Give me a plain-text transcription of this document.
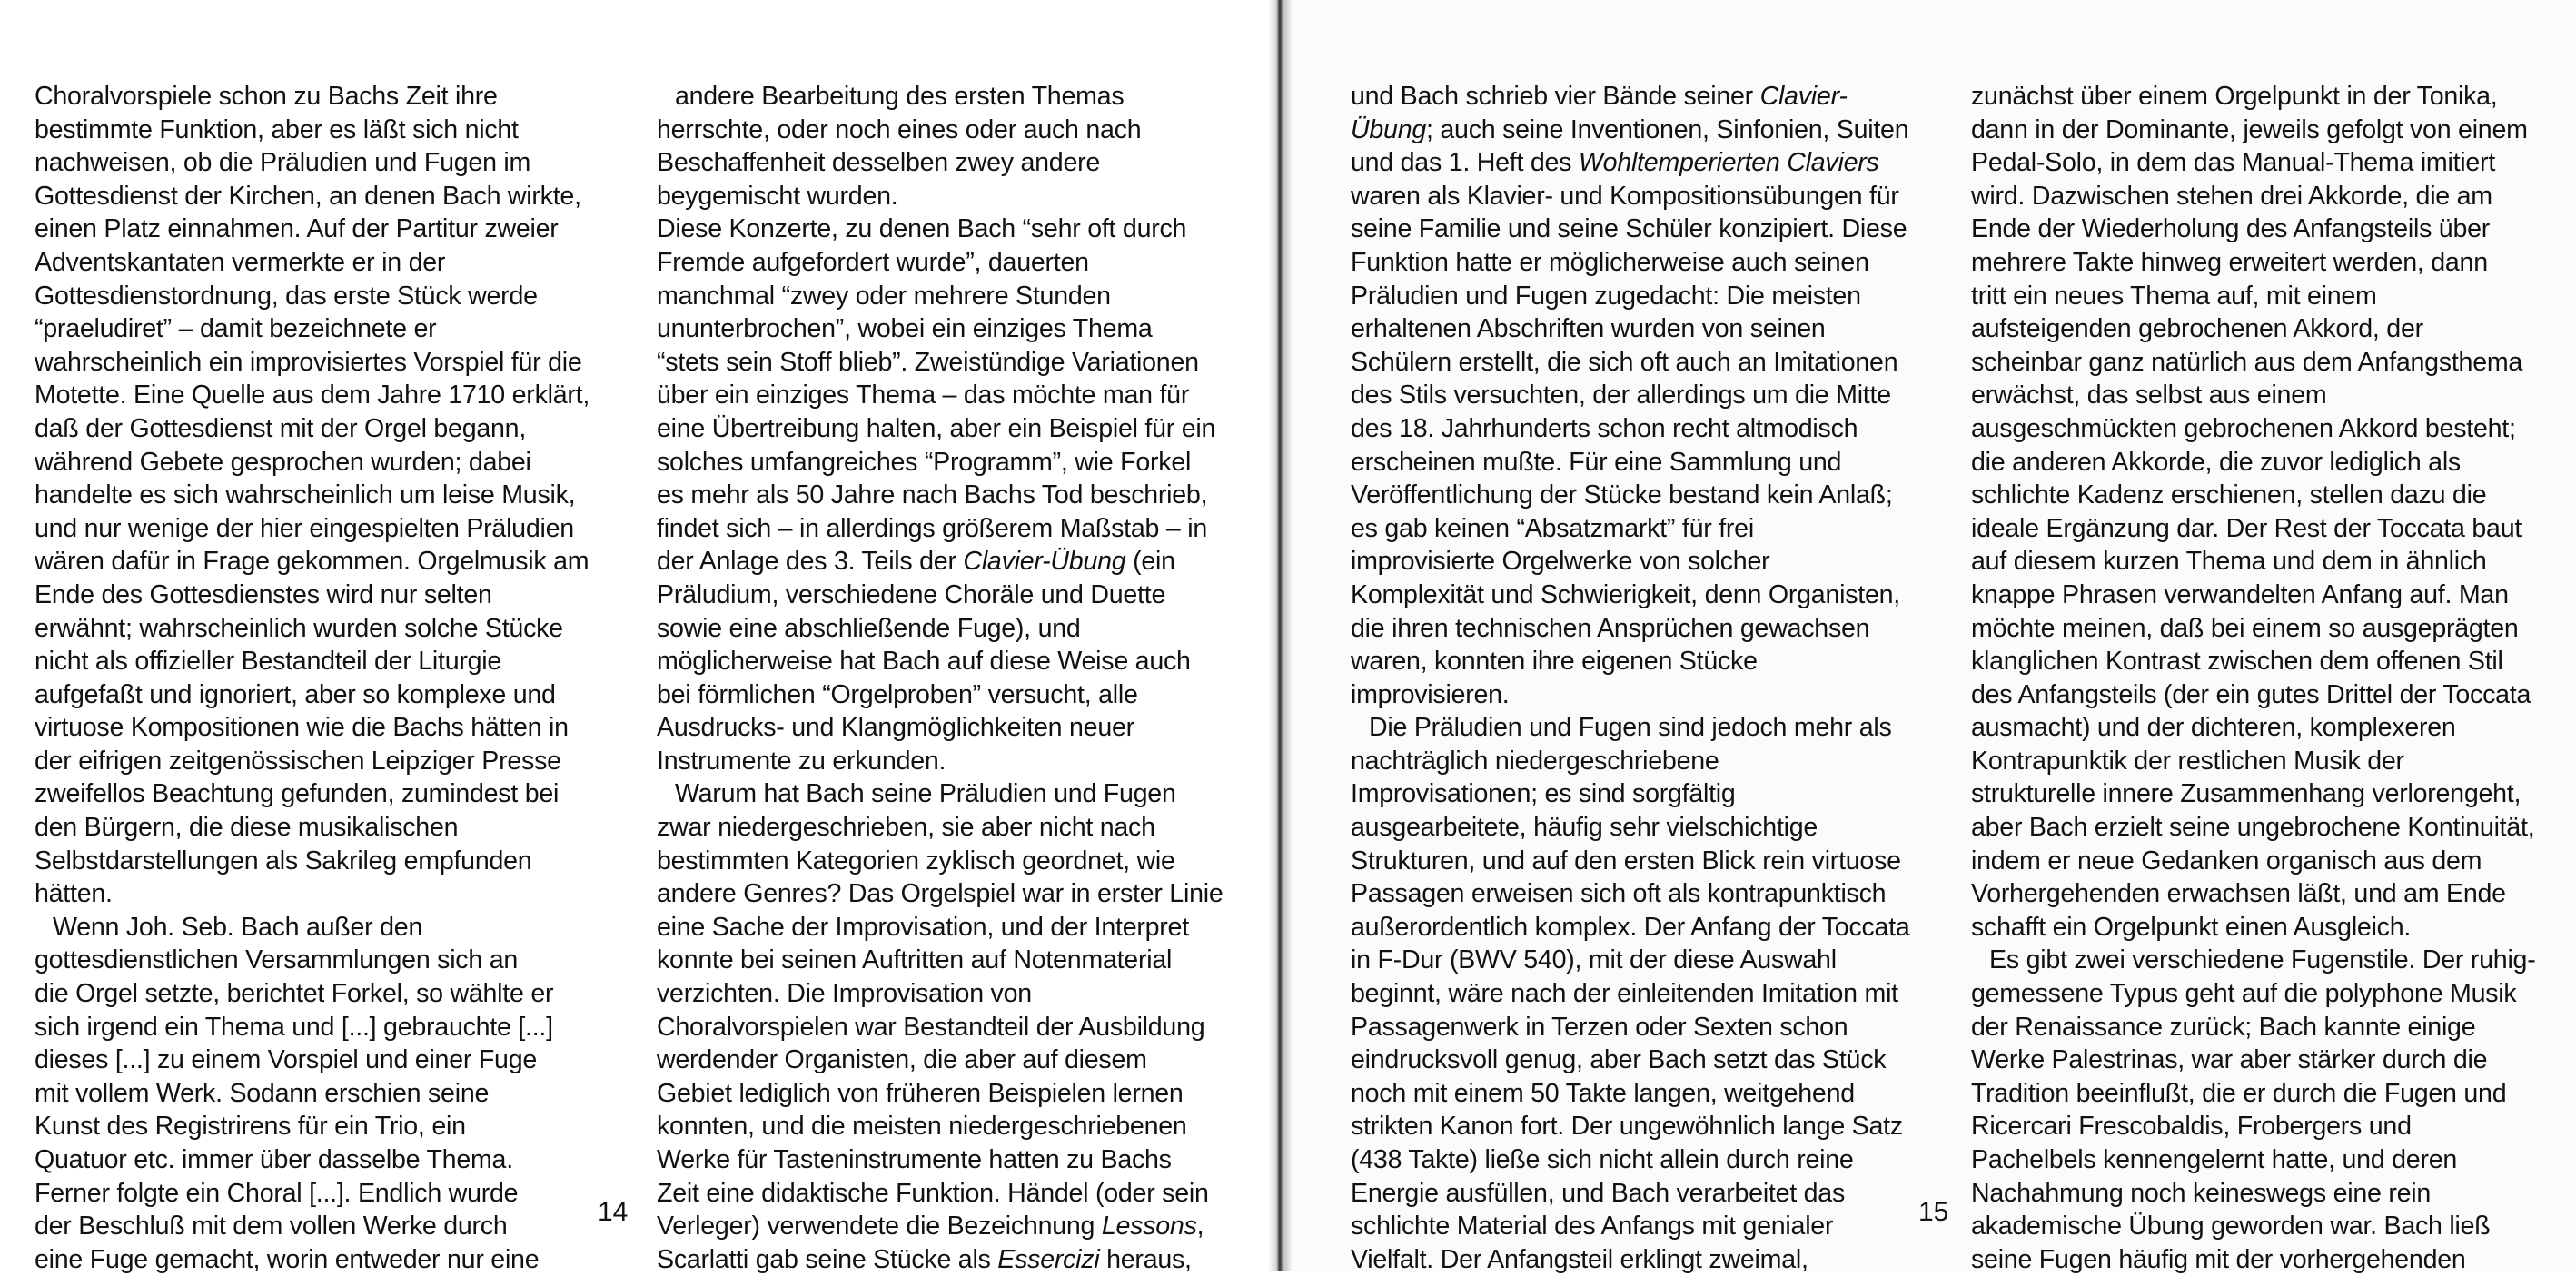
Choralvorspiele schon zu Bachs Zeit ihre
bestimmte Funktion, aber es läßt sich nicht
nachweisen, ob die Präludien und Fugen im
Gottesdienst der Kirchen, an denen Bach wirkte,
einen Platz einnahmen. Auf der Partitur zweier
Adventskantaten vermerkte er in der
Gottesdienstordnung, das erste Stück werde
“praeludiret” – damit bezeichnete er
wahrscheinlich ein improvisiertes Vorspiel für die
Motette. Eine Quelle aus dem Jahre 1710 erklärt,
daß der Gottesdienst mit der Orgel begann,
während Gebete gesprochen wurden; dabei
handelte es sich wahrscheinlich um leise Musik,
und nur wenige der hier eingespielten Präludien
wären dafür in Frage gekommen. Orgelmusik am
Ende des Gottesdienstes wird nur selten
erwähnt; wahrscheinlich wurden solche Stücke
nicht als offizieller Bestandteil der Liturgie
aufgefaßt und ignoriert, aber so komplexe und
virtuose Kompositionen wie die Bachs hätten in
der eifrigen zeitgenössischen Leipziger Presse
zweifellos Beachtung gefunden, zumindest bei
den Bürgern, die diese musikalischen
Selbstdarstellungen als Sakrileg empfunden
hätten.

Wenn Joh. Seb. Bach außer den
gottesdienstlichen Versammlungen sich an
die Orgel setzte, berichtet Forkel, so wählte er
sich irgend ein Thema und [...] gebrauchte [...]
dieses [...] zu einem Vorspiel und einer Fuge
mit vollem Werk. Sodann erschien seine
Kunst des Registrirens für ein Trio, ein
Quatuor etc. immer über dasselbe Thema.
Ferner folgte ein Choral [...]. Endlich wurde
der Beschluß mit dem vollen Werke durch
eine Fuge gemacht, worin entweder nur eine

andere Bearbeitung des ersten Themas
herrschte, oder noch eines oder auch nach
Beschaffenheit desselben zwey andere
beygemischt wurden.

Diese Konzerte, zu denen Bach “sehr oft durch
Fremde aufgefordert wurde”, dauerten
manchmal “zwey oder mehrere Stunden
ununterbrochen”, wobei ein einziges Thema
“stets sein Stoff blieb”. Zweistündige Variationen
über ein einziges Thema – das möchte man für
eine Übertreibung halten, aber ein Beispiel für ein
solches umfangreiches “Programm”, wie Forkel
es mehr als 50 Jahre nach Bachs Tod beschrieb,
findet sich – in allerdings größerem Maßstab – in
der Anlage des 3. Teils der Clavier-Übung (ein
Präludium, verschiedene Choräle und Duette
sowie eine abschließende Fuge), und
möglicherweise hat Bach auf diese Weise auch
bei förmlichen “Orgelproben” versucht, alle
Ausdrucks- und Klangmöglichkeiten neuer
Instrumente zu erkunden.

Warum hat Bach seine Präludien und Fugen
zwar niedergeschrieben, sie aber nicht nach
bestimmten Kategorien zyklisch geordnet, wie
andere Genres? Das Orgelspiel war in erster Linie
eine Sache der Improvisation, und der Interpret
konnte bei seinen Auftritten auf Notenmaterial
verzichten. Die Improvisation von
Choralvorspielen war Bestandteil der Ausbildung
werdender Organisten, die aber auf diesem
Gebiet lediglich von früheren Beispielen lernen
konnten, und die meisten niedergeschriebenen
Werke für Tasteninstrumente hatten zu Bachs
Zeit eine didaktische Funktion. Händel (oder sein
Verleger) verwendete die Bezeichnung Lessons,
Scarlatti gab seine Stücke als Essercizi heraus,

14

und Bach schrieb vier Bände seiner Clavier-
Übung; auch seine Inventionen, Sinfonien, Suiten
und das 1. Heft des Wohltemperierten Claviers
waren als Klavier- und Kompositionsübungen für
seine Familie und seine Schüler konzipiert. Diese
Funktion hatte er möglicherweise auch seinen
Präludien und Fugen zugedacht: Die meisten
erhaltenen Abschriften wurden von seinen
Schülern erstellt, die sich oft auch an Imitationen
des Stils versuchten, der allerdings um die Mitte
des 18. Jahrhunderts schon recht altmodisch
erscheinen mußte. Für eine Sammlung und
Veröffentlichung der Stücke bestand kein Anlaß;
es gab keinen “Absatzmarkt” für frei
improvisierte Orgelwerke von solcher
Komplexität und Schwierigkeit, denn Organisten,
die ihren technischen Ansprüchen gewachsen
waren, konnten ihre eigenen Stücke
improvisieren.

Die Präludien und Fugen sind jedoch mehr als
nachträglich niedergeschriebene
Improvisationen; es sind sorgfältig
ausgearbeitete, häufig sehr vielschichtige
Strukturen, und auf den ersten Blick rein virtuose
Passagen erweisen sich oft als kontrapunktisch
außerordentlich komplex. Der Anfang der Toccata
in F-Dur (BWV 540), mit der diese Auswahl
beginnt, wäre nach der einleitenden Imitation mit
Passagenwerk in Terzen oder Sexten schon
eindrucksvoll genug, aber Bach setzt das Stück
noch mit einem 50 Takte langen, weitgehend
strikten Kanon fort. Der ungewöhnlich lange Satz
(438 Takte) ließe sich nicht allein durch reine
Energie ausfüllen, und Bach verarbeitet das
schlichte Material des Anfangs mit genialer
Vielfalt. Der Anfangsteil erklingt zweimal,

zunächst über einem Orgelpunkt in der Tonika,
dann in der Dominante, jeweils gefolgt von einem
Pedal-Solo, in dem das Manual-Thema imitiert
wird. Dazwischen stehen drei Akkorde, die am
Ende der Wiederholung des Anfangsteils über
mehrere Takte hinweg erweitert werden, dann
tritt ein neues Thema auf, mit einem
aufsteigenden gebrochenen Akkord, der
scheinbar ganz natürlich aus dem Anfangsthema
erwächst, das selbst aus einem
ausgeschmückten gebrochenen Akkord besteht;
die anderen Akkorde, die zuvor lediglich als
schlichte Kadenz erschienen, stellen dazu die
ideale Ergänzung dar. Der Rest der Toccata baut
auf diesem kurzen Thema und dem in ähnlich
knappe Phrasen verwandelten Anfang auf. Man
möchte meinen, daß bei einem so ausgeprägten
klanglichen Kontrast zwischen dem offenen Stil
des Anfangsteils (der ein gutes Drittel der Toccata
ausmacht) und der dichteren, komplexeren
Kontrapunktik der restlichen Musik der
strukturelle innere Zusammenhang verlorengeht,
aber Bach erzielt seine ungebrochene Kontinuität,
indem er neue Gedanken organisch aus dem
Vorhergehenden erwachsen läßt, und am Ende
schafft ein Orgelpunkt einen Ausgleich.

Es gibt zwei verschiedene Fugenstile. Der ruhig-
gemessene Typus geht auf die polyphone Musik
der Renaissance zurück; Bach kannte einige
Werke Palestrinas, war aber stärker durch die
Tradition beeinflußt, die er durch die Fugen und
Ricercari Frescobaldis, Frobergers und
Pachelbels kennengelernt hatte, und deren
Nachahmung noch keineswegs eine rein
akademische Übung geworden war. Bach ließ
seine Fugen häufig mit der vorhergehenden

15
